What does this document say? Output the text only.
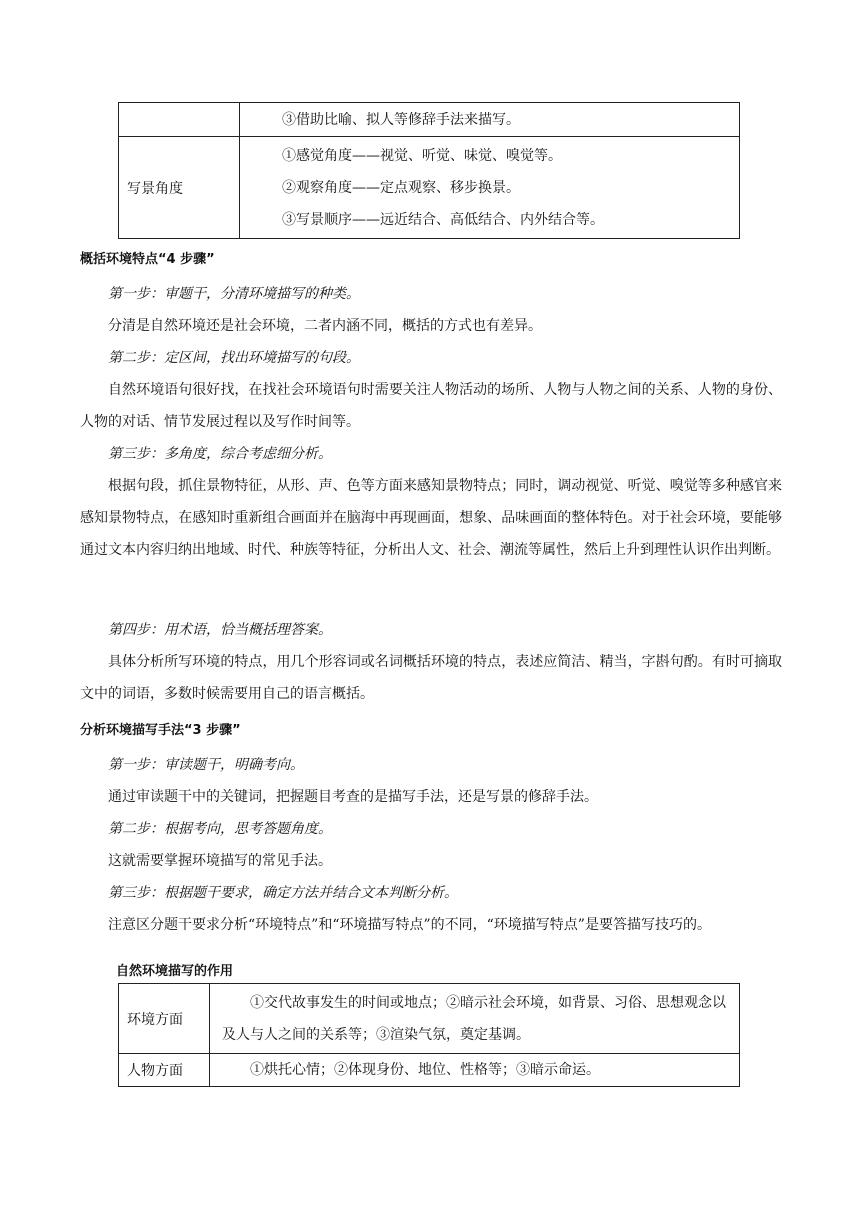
	③借助比喻、拟人等修辞手法来描写。

写景角度	①感觉角度——视觉、听觉、味觉、嗅觉等。
②观察角度——定点观察、移步换景。
③写景顺序——远近结合、高低结合、内外结合等。
概括环境特点“4 步骤”
第一步：审题干，分清环境描写的种类。
分清是自然环境还是社会环境，二者内涵不同，概括的方式也有差异。
第二步：定区间，找出环境描写的句段。
自然环境语句很好找，在找社会环境语句时需要关注人物活动的场所、人物与人物之间的关系、人物的身份、人物的对话、情节发展过程以及写作时间等。
第三步：多角度，综合考虑细分析。
根据句段，抓住景物特征，从形、声、色等方面来感知景物特点；同时，调动视觉、听觉、嗅觉等多种感官来感知景物特点，在感知时重新组合画面并在脑海中再现画面，想象、品味画面的整体特色。对于社会环境，要能够通过文本内容归纳出地域、时代、种族等特征，分析出人文、社会、潮流等属性，然后上升到理性认识作出判断。
第四步：用术语，恰当概括理答案。
具体分析所写环境的特点，用几个形容词或名词概括环境的特点，表述应简洁、精当，字斟句酌。有时可摘取文中的词语，多数时候需要用自己的语言概括。
分析环境描写手法“3 步骤”
第一步：审读题干，明确考向。
通过审读题干中的关键词，把握题目考查的是描写手法，还是写景的修辞手法。
第二步：根据考向，思考答题角度。
这就需要掌握环境描写的常见手法。
第三步：根据题干要求，确定方法并结合文本判断分析。
注意区分题干要求分析“环境特点”和“环境描写特点”的不同，“环境描写特点”是要答描写技巧的。
自然环境描写的作用
环境方面	①交代故事发生的时间或地点；②暗示社会环境，如背景、习俗、思想观念以及人与人之间的关系等；③渲染气氛，奠定基调。
人物方面	①烘托心情；②体现身份、地位、性格等；③暗示命运。
